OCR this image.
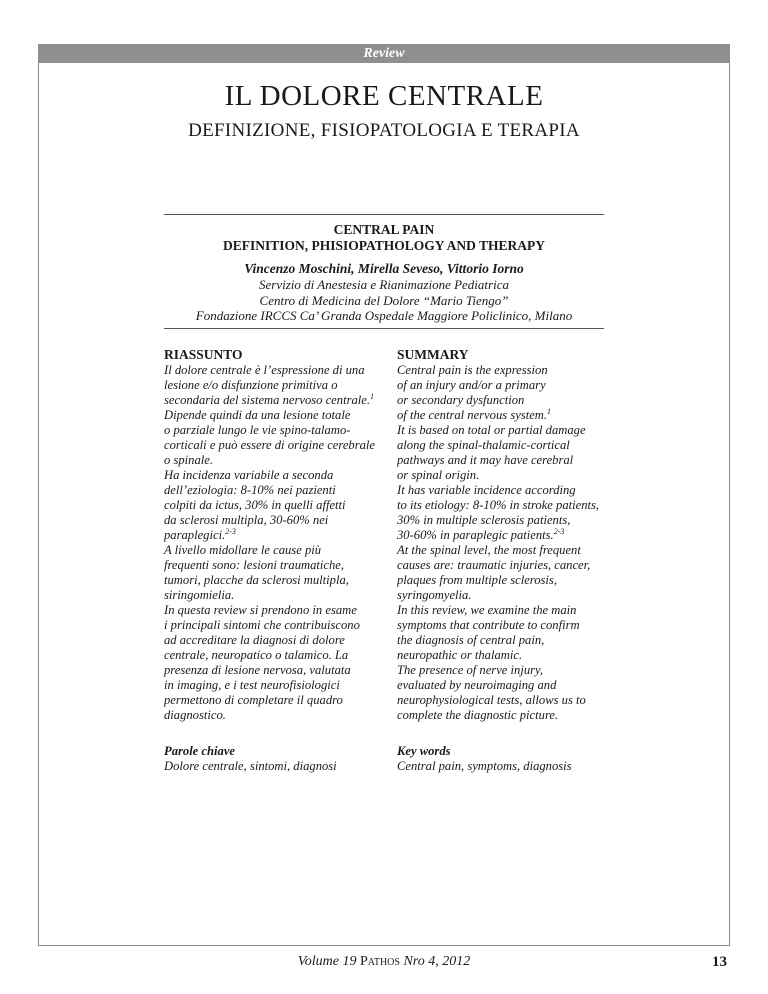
Review
IL DOLORE CENTRALE
DEFINIZIONE, FISIOPATOLOGIA E TERAPIA
CENTRAL PAIN
DEFINITION, PHISIOPATHOLOGY AND THERAPY
Vincenzo Moschini, Mirella Seveso, Vittorio Iorno
Servizio di Anestesia e Rianimazione Pediatrica
Centro di Medicina del Dolore “Mario Tiengo”
Fondazione IRCCS Ca’ Granda Ospedale Maggiore Policlinico, Milano
RIASSUNTO
Il dolore centrale è l’espressione di una
lesione e/o disfunzione primitiva o
secondaria del sistema nervoso centrale.$^1$
Dipende quindi da una lesione totale
o parziale lungo le vie spino-talamo-
corticali e può essere di origine cerebrale
o spinale.
Ha incidenza variabile a seconda
dell’eziologia: 8-10% nei pazienti
colpiti da ictus, 30% in quelli affetti
da sclerosi multipla, 30-60% nei
paraplegici.$^{2-3}$
A livello midollare le cause più
frequenti sono: lesioni traumatiche,
tumori, placche da sclerosi multipla,
siringomielia.
In questa review si prendono in esame
i principali sintomi che contribuiscono
ad accreditare la diagnosi di dolore
centrale, neuropatico o talamico. La
presenza di lesione nervosa, valutata
in imaging, e i test neurofisiologici
permettono di completare il quadro
diagnostico.
Parole chiave
Dolore centrale, sintomi, diagnosi
SUMMARY
Central pain is the expression
of an injury and/or a primary
or secondary dysfunction
of the central nervous system.$^1$
It is based on total or partial damage
along the spinal-thalamic-cortical
pathways and it may have cerebral
or spinal origin.
It has variable incidence according
to its etiology: 8-10% in stroke patients,
30% in multiple sclerosis patients,
30-60% in paraplegic patients.$^{2-3}$
At the spinal level, the most frequent
causes are: traumatic injuries, cancer,
plaques from multiple sclerosis,
syringomyelia.
In this review, we examine the main
symptoms that contribute to confirm
the diagnosis of central pain,
neuropathic or thalamic.
The presence of nerve injury,
evaluated by neuroimaging and
neurophysiological tests, allows us to
complete the diagnostic picture.
Key words
Central pain, symptoms, diagnosis
Volume 19 Pathos Nro 4, 2012	13
